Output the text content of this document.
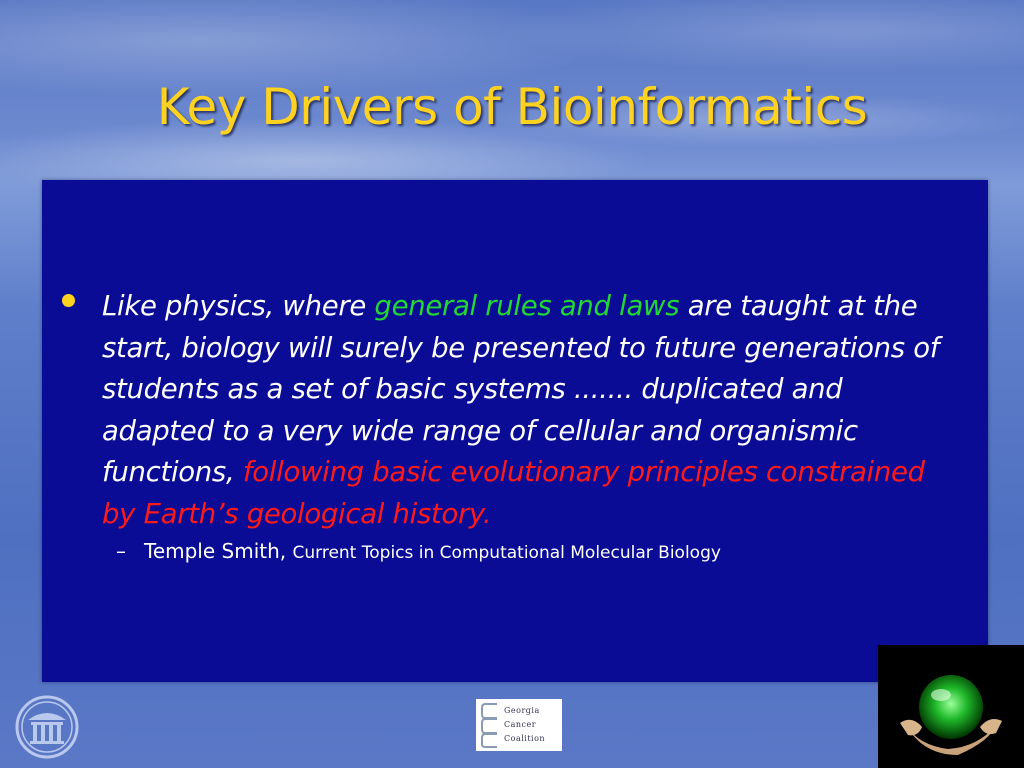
Key Drivers of Bioinformatics
Like physics, where general rules and laws are taught at the start, biology will surely be presented to future generations of students as a set of basic systems ....... duplicated and adapted to a very wide range of cellular and organismic functions, following basic evolutionary principles constrained by Earth’s geological history.
– Temple Smith, Current Topics in Computational Molecular Biology
Georgia
Cancer
Coalition
